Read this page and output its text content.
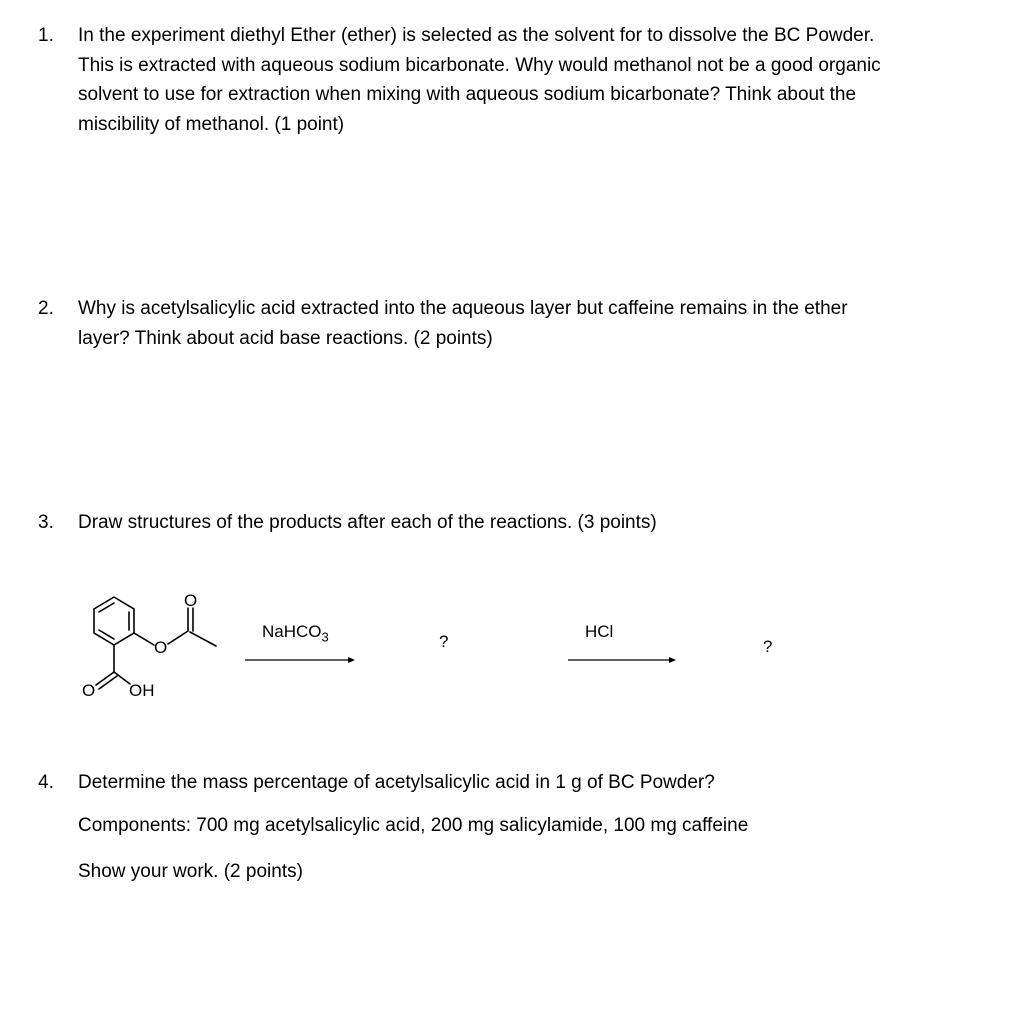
1.	In the experiment diethyl Ether (ether) is selected as the solvent for to dissolve the BC Powder.
This is extracted with aqueous sodium bicarbonate. Why would methanol not be a good organic
solvent to use for extraction when mixing with aqueous sodium bicarbonate? Think about the
miscibility of methanol. (1 point)
2.	Why is acetylsalicylic acid extracted into the aqueous layer but caffeine remains in the ether
layer? Think about acid base reactions. (2 points)
3.	Draw structures of the products after each of the reactions. (3 points)
O
O
O OH
NaHCO$_3$	?
HCl
?
4.	Determine the mass percentage of acetylsalicylic acid in 1 g of BC Powder?
Components: 700 mg acetylsalicylic acid, 200 mg salicylamide, 100 mg caffeine
Show your work. (2 points)
